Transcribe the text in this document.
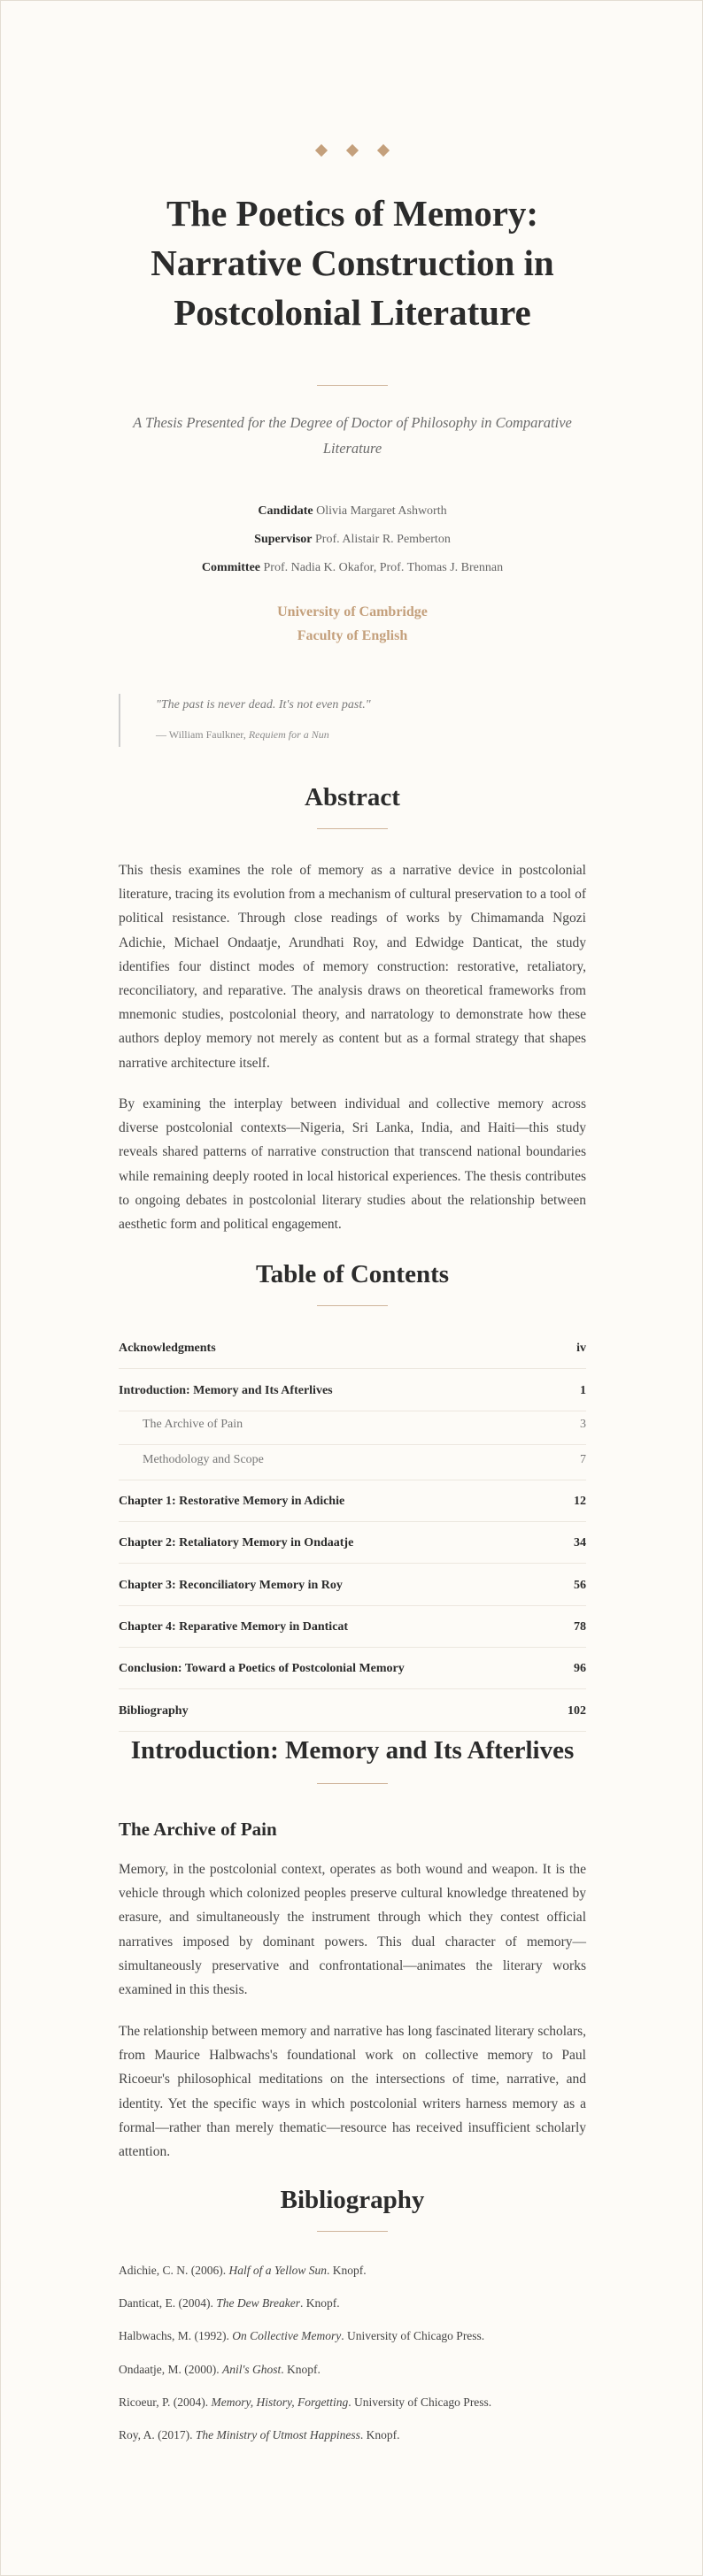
The Poetics of Memory: Narrative Construction in Postcolonial Literature

A Thesis Presented for the Degree of Doctor of Philosophy in Comparative Literature

Candidate Olivia Margaret Ashworth
Supervisor Prof. Alistair R. Pemberton
Committee Prof. Nadia K. Okafor, Prof. Thomas J. Brennan
University of Cambridge
Faculty of English
"The past is never dead. It's not even past."
— William Faulkner, Requiem for a Nun
Abstract

This thesis examines the role of memory as a narrative device in postcolonial literature, tracing its evolution from a mechanism of cultural preservation to a tool of political resistance. Through close readings of works by Chimamanda Ngozi Adichie, Michael Ondaatje, Arundhati Roy, and Edwidge Danticat, the study identifies four distinct modes of memory construction: restorative, retaliatory, reconciliatory, and reparative. The analysis draws on theoretical frameworks from mnemonic studies, postcolonial theory, and narratology to demonstrate how these authors deploy memory not merely as content but as a formal strategy that shapes narrative architecture itself.

By examining the interplay between individual and collective memory across diverse postcolonial contexts—Nigeria, Sri Lanka, India, and Haiti—this study reveals shared patterns of narrative construction that transcend national boundaries while remaining deeply rooted in local historical experiences. The thesis contributes to ongoing debates in postcolonial literary studies about the relationship between aesthetic form and political engagement.

Table of Contents
Acknowledgments	iv
Introduction: Memory and Its Afterlives	1
The Archive of Pain	3
Methodology and Scope	7
Chapter 1: Restorative Memory in Adichie	12
Chapter 2: Retaliatory Memory in Ondaatje	34
Chapter 3: Reconciliatory Memory in Roy	56
Chapter 4: Reparative Memory in Danticat	78
Conclusion: Toward a Poetics of Postcolonial Memory	96
Bibliography	102
Introduction: Memory and Its Afterlives
The Archive of Pain

Memory, in the postcolonial context, operates as both wound and weapon. It is the vehicle through which colonized peoples preserve cultural knowledge threatened by erasure, and simultaneously the instrument through which they contest official narratives imposed by dominant powers. This dual character of memory—simultaneously preservative and confrontational—animates the literary works examined in this thesis.

The relationship between memory and narrative has long fascinated literary scholars, from Maurice Halbwachs's foundational work on collective memory to Paul Ricoeur's philosophical meditations on the intersections of time, narrative, and identity. Yet the specific ways in which postcolonial writers harness memory as a formal—rather than merely thematic—resource has received insufficient scholarly attention.

Bibliography
Adichie, C. N. (2006). Half of a Yellow Sun. Knopf.
Danticat, E. (2004). The Dew Breaker. Knopf.
Halbwachs, M. (1992). On Collective Memory. University of Chicago Press.
Ondaatje, M. (2000). Anil's Ghost. Knopf.
Ricoeur, P. (2004). Memory, History, Forgetting. University of Chicago Press.
Roy, A. (2017). The Ministry of Utmost Happiness. Knopf.
